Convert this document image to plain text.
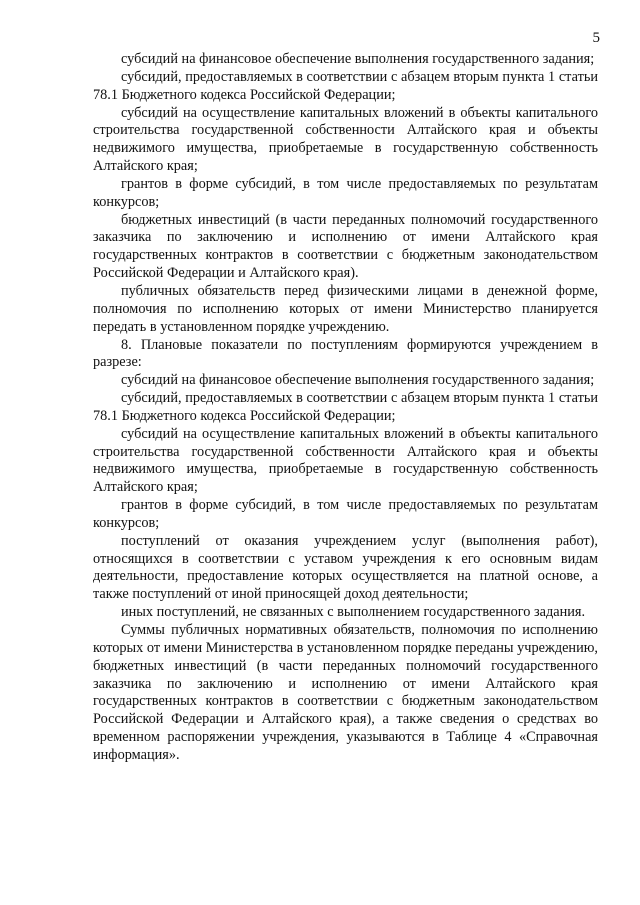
5

субсидий на финансовое обеспечение выполнения государственного задания;

субсидий, предоставляемых в соответствии с абзацем вторым пункта 1 статьи 78.1 Бюджетного кодекса Российской Федерации;

субсидий на осуществление капитальных вложений в объекты капитального строительства государственной собственности Алтайского края и объекты недвижимого имущества, приобретаемые в государственную собственность Алтайского края;

грантов в форме субсидий, в том числе предоставляемых по результатам конкурсов;

бюджетных инвестиций (в части переданных полномочий государственного заказчика по заключению и исполнению от имени Алтайского края государственных контрактов в соответствии с бюджетным законодательством Российской Федерации и Алтайского края).

публичных обязательств перед физическими лицами в денежной форме, полномочия по исполнению которых от имени Министерство планируется передать в установленном порядке учреждению.

8. Плановые показатели по поступлениям формируются учреждением в разрезе:

субсидий на финансовое обеспечение выполнения государственного задания;

субсидий, предоставляемых в соответствии с абзацем вторым пункта 1 статьи 78.1 Бюджетного кодекса Российской Федерации;

субсидий на осуществление капитальных вложений в объекты капитального строительства государственной собственности Алтайского края и объекты недвижимого имущества, приобретаемые в государственную собственность Алтайского края;

грантов в форме субсидий, в том числе предоставляемых по результатам конкурсов;

поступлений от оказания учреждением услуг (выполнения работ), относящихся в соответствии с уставом учреждения к его основным видам деятельности, предоставление которых осуществляется на платной основе, а также поступлений от иной приносящей доход деятельности;

иных поступлений, не связанных с выполнением государственного задания.

Суммы публичных нормативных обязательств, полномочия по исполнению которых от имени Министерства в установленном порядке переданы учреждению, бюджетных инвестиций (в части переданных полномочий государственного заказчика по заключению и исполнению от имени Алтайского края государственных контрактов в соответствии с бюджетным законодательством Российской Федерации и Алтайского края), а также сведения о средствах во временном распоряжении учреждения, указываются в Таблице 4 «Справочная информация».
